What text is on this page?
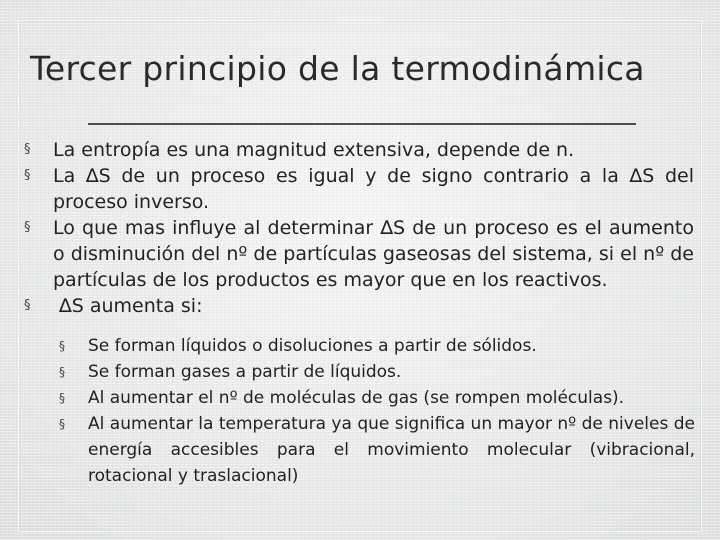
Tercer principio de la termodinámica
§ La entropía es una magnitud extensiva, depende de n.
§ La ∆S de un proceso es igual y de signo contrario a la ∆S del proceso inverso.
§ Lo que mas influye al determinar ∆S de un proceso es el aumento o disminución del nº de partículas gaseosas del sistema, si el nº de partículas de los productos es mayor que en los reactivos.
§ ∆S aumenta si:
§ Se forman líquidos o disoluciones a partir de sólidos.
§ Se forman gases a partir de líquidos.
§ Al aumentar el nº de moléculas de gas (se rompen moléculas).
§ Al aumentar la temperatura ya que significa un mayor nº de niveles de energía accesibles para el movimiento molecular (vibracional, rotacional y traslacional)
